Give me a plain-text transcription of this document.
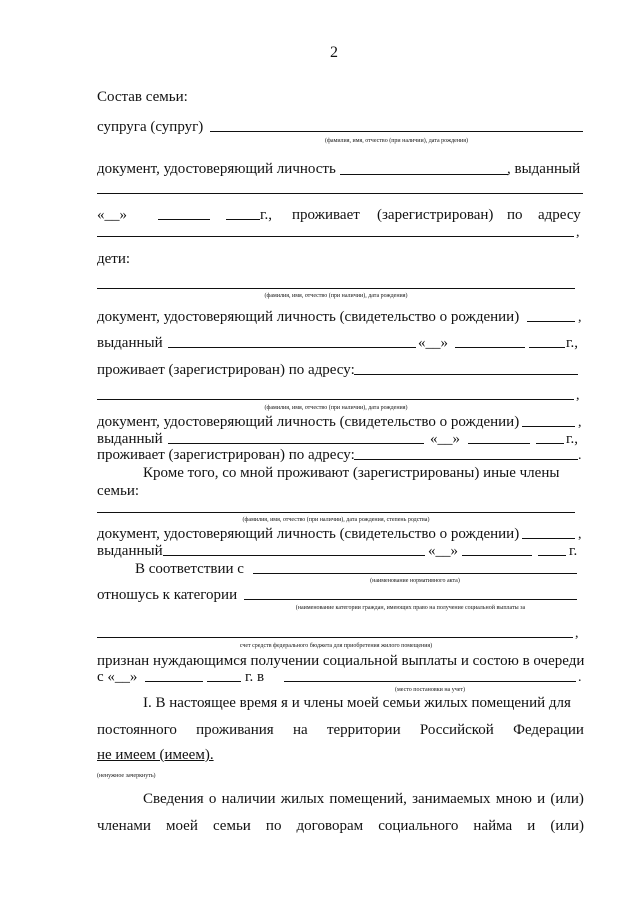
2
Состав семьи:
супруга (супруг)
(фамилия, имя, отчество (при наличии), дата рождения)
документ, удостоверяющий личность	, выданный
«__»	г., проживает (зарегистрирован) по адресу
,
дети:
(фамилия, имя, отчество (при наличии), дата рождения)
документ, удостоверяющий личность (свидетельство о рождении)	,
выданный	«__»	г.,
проживает (зарегистрирован) по адресу:
,
(фамилия, имя, отчество (при наличии), дата рождения)
документ, удостоверяющий личность (свидетельство о рождении)	,
выданный	«__»	г.,
проживает (зарегистрирован) по адресу:	.
Кроме того, со мной проживают (зарегистрированы) иные члены
семьи:
(фамилия, имя, отчество (при наличии), дата рождения, степень родства)
документ, удостоверяющий личность (свидетельство о рождении)	,
выданный	«__»	г.
В соответствии с
(наименование нормативного акта)
отношусь к категории
(наименование категории граждан, имеющих право на получение социальной выплаты за
,
счет средств федерального бюджета для приобретения жилого помещения)
признан нуждающимся получении социальной выплаты и состою в очереди
с «__»	г. в	.
(место постановки на учет)
I. В настоящее время я и члены моей семьи жилых помещений для
постоянного проживания на территории Российской Федерации
не имеем (имеем).
(ненужное зачеркнуть)
Сведения о наличии жилых помещений, занимаемых мною и (или)
членами моей семьи по договорам социального найма и (или)
